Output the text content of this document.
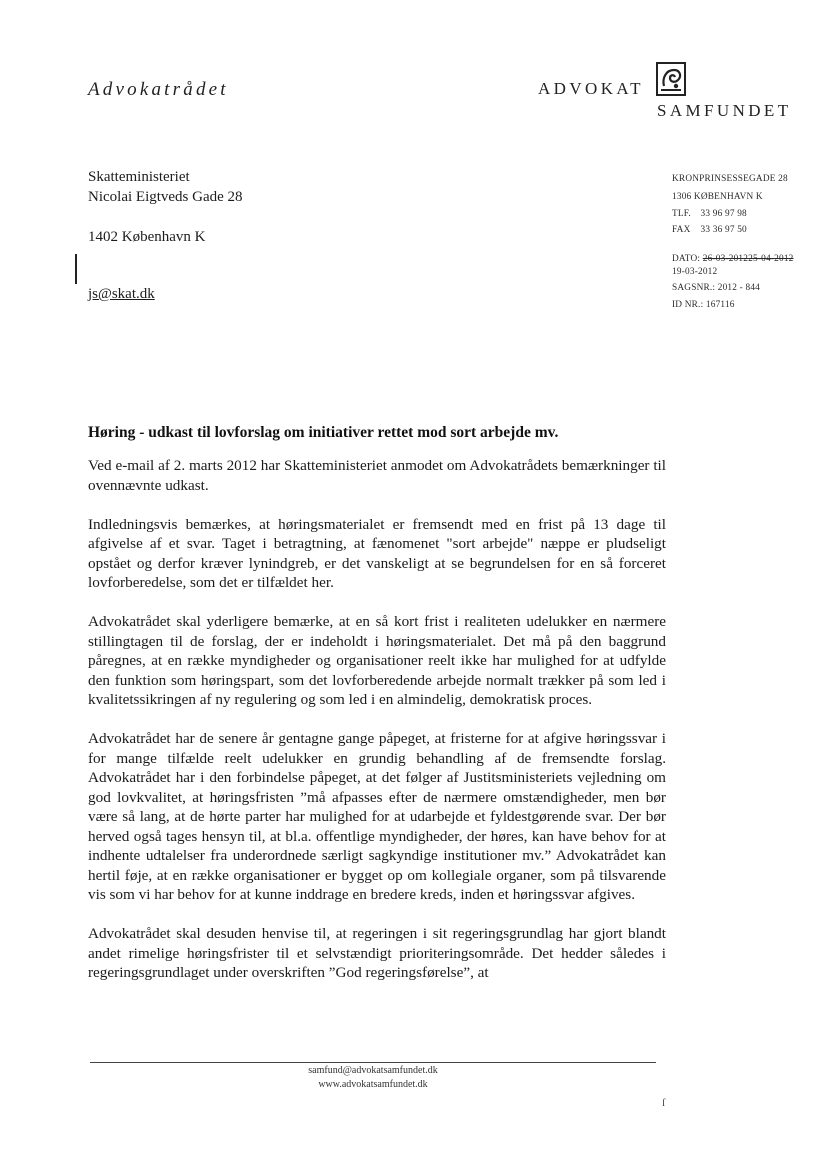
Advokatrådet	ADVOKAT
SAMFUNDET
Skatteministeriet
Nicolai Eigtveds Gade 28
1402 København K
js@skat.dk
KRONPRINSESSEGADE 28
1306 KØBENHAVN K
TLF. 33 96 97 98
FAX 33 36 97 50
DATO: 26-03-201225-04-2012
19-03-2012
SAGSNR.: 2012 - 844
ID NR.: 167116
Høring - udkast til lovforslag om initiativer rettet mod sort arbejde mv.

Ved e-mail af 2. marts 2012 har Skatteministeriet anmodet om Advokatrådets bemærkninger til ovennævnte udkast.

Indledningsvis bemærkes, at høringsmaterialet er fremsendt med en frist på 13 dage til afgivelse af et svar. Taget i betragtning, at fænomenet "sort arbejde" næppe er pludseligt opstået og derfor kræver lynindgreb, er det vanskeligt at se begrundelsen for en så forceret lovforberedelse, som det er tilfældet her.

Advokatrådet skal yderligere bemærke, at en så kort frist i realiteten udelukker en nærmere stillingtagen til de forslag, der er indeholdt i høringsmaterialet. Det må på den baggrund påregnes, at en række myndigheder og organisationer reelt ikke har mulighed for at udfylde den funktion som høringspart, som det lovforberedende arbejde normalt trækker på som led i kvalitetssikringen af ny regulering og som led i en almindelig, demokratisk proces.

Advokatrådet har de senere år gentagne gange påpeget, at fristerne for at afgive høringssvar i for mange tilfælde reelt udelukker en grundig behandling af de fremsendte forslag. Advokatrådet har i den forbindelse påpeget, at det følger af Justitsministeriets vejledning om god lovkvalitet, at høringsfristen ”må afpasses efter de nærmere omstændigheder, men bør være så lang, at de hørte parter har mulighed for at udarbejde et fyldestgørende svar. Der bør herved også tages hensyn til, at bl.a. offentlige myndigheder, der høres, kan have behov for at indhente udtalelser fra underordnede særligt sagkyndige institutioner mv.” Advokatrådet kan hertil føje, at en række organisationer er bygget op om kollegiale organer, som på tilsvarende vis som vi har behov for at kunne inddrage en bredere kreds, inden et høringssvar afgives.

Advokatrådet skal desuden henvise til, at regeringen i sit regeringsgrundlag har gjort blandt andet rimelige høringsfrister til et selvstændigt prioriteringsområde. Det hedder således i regeringsgrundlaget under overskriften ”God regeringsførelse”, at

samfund@advokatsamfundet.dk
www.advokatsamfundet.dk
ſ
